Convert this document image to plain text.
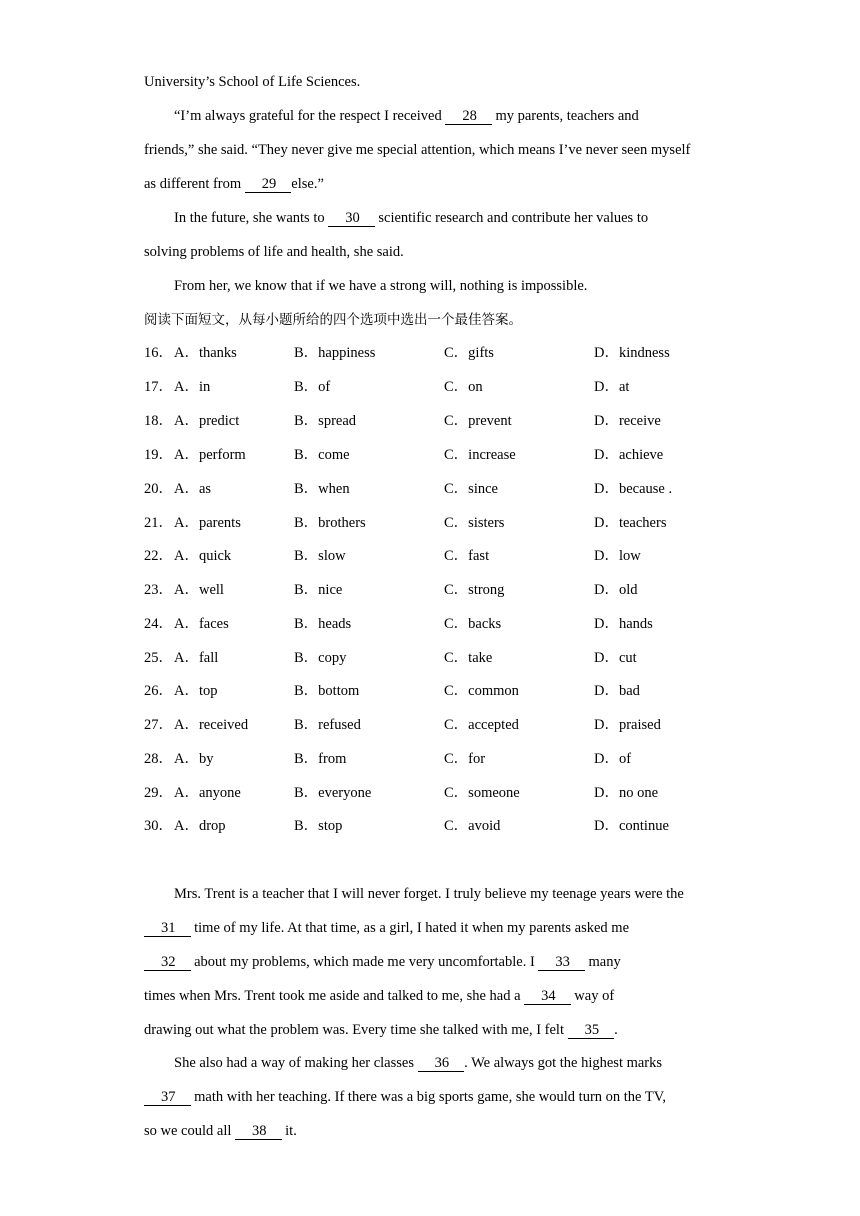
University’s School of Life Sciences.
“I’m always grateful for the respect I received 28 my parents, teachers and
friends,” she said. “They never give me special attention, which means I’ve never seen myself
as different from 29 else.”
In the future, she wants to 30 scientific research and contribute her values to
solving problems of life and health, she said.
From her, we know that if we have a strong will, nothing is impossible.
阅读下面短文，从每小题所给的四个选项中选出一个最佳答案。
16． A．thanks	B．happiness	C．gifts	D．kindness
17． A．in	B．of	C．on	D．at
18． A．predict	B．spread	C．prevent	D．receive
19． A．perform	B．come	C．increase	D．achieve
20． A．as	B．when	C．since	D．because .
21． A．parents	B．brothers	C．sisters	D．teachers
22． A．quick	B．slow	C．fast	D．low
23． A．well	B．nice	C．strong	D．old
24． A．faces	B．heads	C．backs	D．hands
25． A．fall	B．copy	C．take	D．cut
26． A．top	B．bottom	C．common	D．bad
27． A．received	B．refused	C．accepted	D．praised
28． A．by	B．from	C．for	D．of
29． A．anyone	B．everyone	C．someone	D．no one
30． A．drop	B．stop	C．avoid	D．continue
Mrs. Trent is a teacher that I will never forget. I truly believe my teenage years were the
31 time of my life. At that time, as a girl, I hated it when my parents asked me
32 about my problems, which made me very uncomfortable. I 33 many
times when Mrs. Trent took me aside and talked to me, she had a 34 way of
drawing out what the problem was. Every time she talked with me, I felt 35 .
She also had a way of making her classes 36 . We always got the highest marks
37 math with her teaching. If there was a big sports game, she would turn on the TV,
so we could all 38 it.
